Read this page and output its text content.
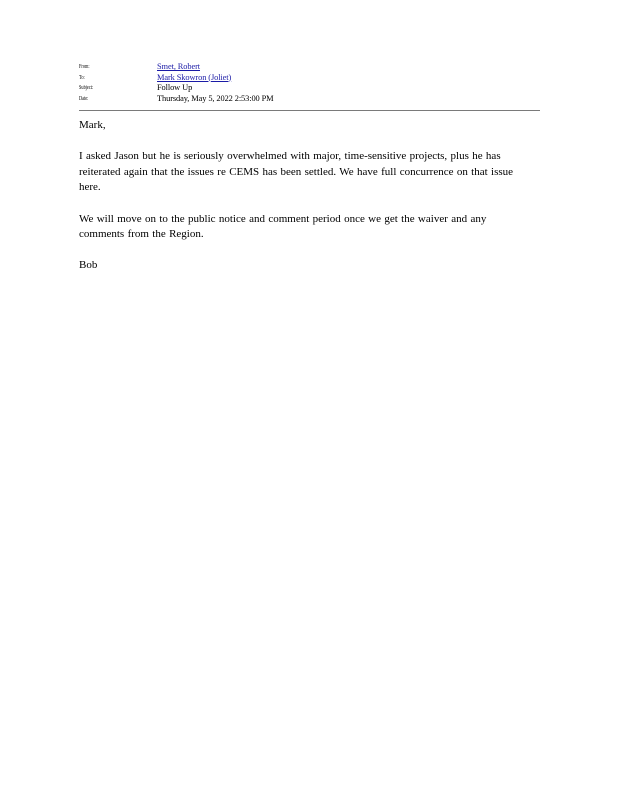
From:	Smet, Robert
To:	Mark Skowron (Joliet)
Subject:	Follow Up
Date:	Thursday, May 5, 2022 2:53:00 PM

Mark,

I asked Jason but he is seriously overwhelmed with major, time-sensitive projects, plus he has
reiterated again that the issues re CEMS has been settled. We have full concurrence on that issue
here.

We will move on to the public notice and comment period once we get the waiver and any
comments from the Region.

Bob
